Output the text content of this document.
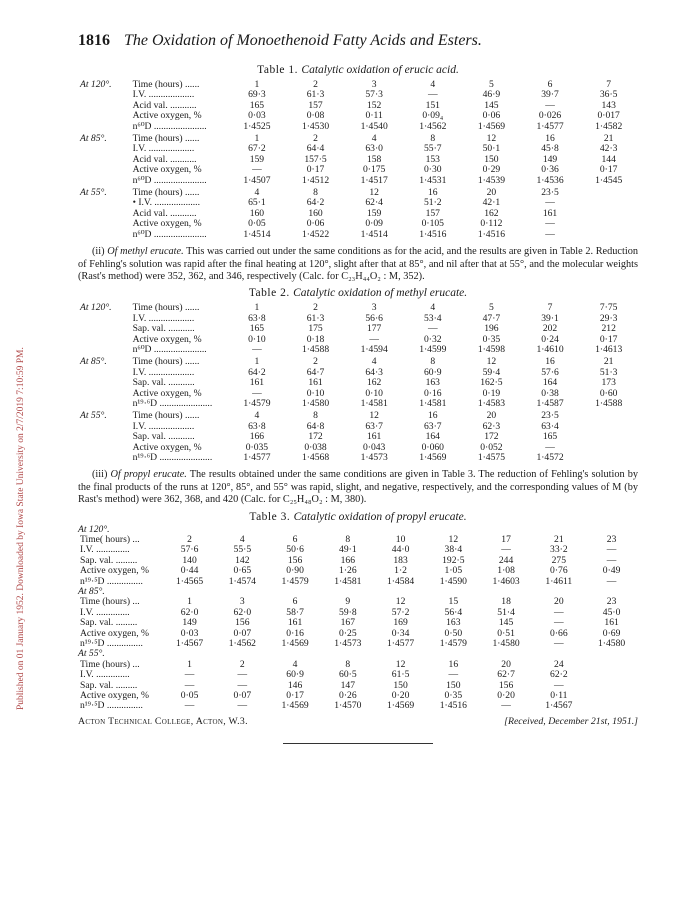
Published on 01 January 1952. Downloaded by Iowa State University on 2/7/2019 7:10:59 PM.
1816 The Oxidation of Monoethenoid Fatty Acids and Esters.
Table 1. Catalytic oxidation of erucic acid.
At 120°.	Time (hours) ......	1	2	3	4	5	6	7
	I.V. ...................	69·3	61·3	57·3	—	46·9	39·7	36·5
	Acid val. ...........	165	157	152	151	145	—	143
	Active oxygen, %	0·03	0·08	0·11	0·09₄	0·06	0·026	0·017
	n⁶⁰D ......................	1·4525	1·4530	1·4540	1·4562	1·4569	1·4577	1·4582
At 85°.	Time (hours) ......	1	2	4	8	12	16	21
	I.V. ...................	67·2	64·4	63·0	55·7	50·1	45·8	42·3
	Acid val. ...........	159	157·5	158	153	150	149	144
	Active oxygen, %	—	0·17	0·175	0·30	0·29	0·36	0·17
	n⁶⁰D ......................	1·4507	1·4512	1·4517	1·4531	1·4539	1·4536	1·4545
At 55°.	Time (hours) ......	4	8	12	16	20	23·5	
	• I.V. ...................	65·1	64·2	62·4	51·2	42·1	—	
	Acid val. ...........	160	160	159	157	162	161	
	Active oxygen, %	0·05	0·06	0·09	0·105	0·112	—	
	n⁶⁰D ......................	1·4514	1·4522	1·4514	1·4516	1·4516	—	

(ii) Of methyl erucate. This was carried out under the same conditions as for the acid, and the results are given in Table 2. Reduction of Fehling's solution was rapid after the final heating at 120°, slight after that at 85°, and nil after that at 55°, and the molecular weights (Rast's method) were 352, 362, and 346, respectively (Calc. for C₂₃H₄₄O₂ : M, 352).

Table 2. Catalytic oxidation of methyl erucate.
At 120°.	Time (hours) ......	1	2	3	4	5	7	7·75
	I.V. ...................	63·8	61·3	56·6	53·4	47·7	39·1	29·3
	Sap. val. ...........	165	175	177	—	196	202	212
	Active oxygen, %	0·10	0·18	—	0·32	0·35	0·24	0·17
	n⁶⁰D ......................	—	1·4588	1·4594	1·4599	1·4598	1·4610	1·4613
At 85°.	Time (hours) ......	1	2	4	8	12	16	21
	I.V. ...................	64·2	64·7	64·3	60·9	59·4	57·6	51·3
	Sap. val. ...........	161	161	162	163	162·5	164	173
	Active oxygen, %	—	0·10	0·10	0·16	0·19	0·38	0·60
	n¹⁹·⁶D ......................	1·4579	1·4580	1·4581	1·4581	1·4583	1·4587	1·4588
At 55°.	Time (hours) ......	4	8	12	16	20	23·5	
	I.V. ...................	63·8	64·8	63·7	63·7	62·3	63·4	
	Sap. val. ...........	166	172	161	164	172	165	
	Active oxygen, %	0·035	0·038	0·043	0·060	0·052	—	
	n¹⁹·⁶D ......................	1·4577	1·4568	1·4573	1·4569	1·4575	1·4572	

(iii) Of propyl erucate. The results obtained under the same conditions are given in Table 3. The reduction of Fehling's solution by the final products of the runs at 120°, 85°, and 55° was rapid, slight, and negative, respectively, and the corresponding values of M (by Rast's method) were 362, 368, and 420 (Calc. for C₂₅H₄₈O₂ : M, 380).

Table 3. Catalytic oxidation of propyl erucate.
At 120°.
Time( hours) ...	2	4	6	8	10	12	17	21	23
I.V. ..............	57·6	55·5	50·6	49·1	44·0	38·4	—	33·2	—
Sap. val. .........	140	142	156	166	183	192·5	244	275	—
Active oxygen, %	0·44	0·65	0·90	1·26	1·2	1·05	1·08	0·76	0·49
n¹⁹·⁵D ...............	1·4565	1·4574	1·4579	1·4581	1·4584	1·4590	1·4603	1·4611	—
At 85°.
Time (hours) ...	1	3	6	9	12	15	18	20	23
I.V. ..............	62·0	62·0	58·7	59·8	57·2	56·4	51·4	—	45·0
Sap. val. .........	149	156	161	167	169	163	145	—	161
Active oxygen, %	0·03	0·07	0·16	0·25	0·34	0·50	0·51	0·66	0·69
n¹⁹·⁵D ...............	1·4567	1·4562	1·4569	1·4573	1·4577	1·4579	1·4580	—	1·4580
At 55°.
Time (hours) ...	1	2	4	8	12	16	20	24	
I.V. ..............	—	—	60·9	60·5	61·5	—	62·7	62·2	
Sap. val. .........	—	—	146	147	150	150	156	—	
Active oxygen, %	0·05	0·07	0·17	0·26	0·20	0·35	0·20	0·11	
n¹⁹·⁵D ...............	—	—	1·4569	1·4570	1·4569	1·4516	—	1·4567	
Acton Technical College, Acton, W.3.	[Received, December 21st, 1951.]
